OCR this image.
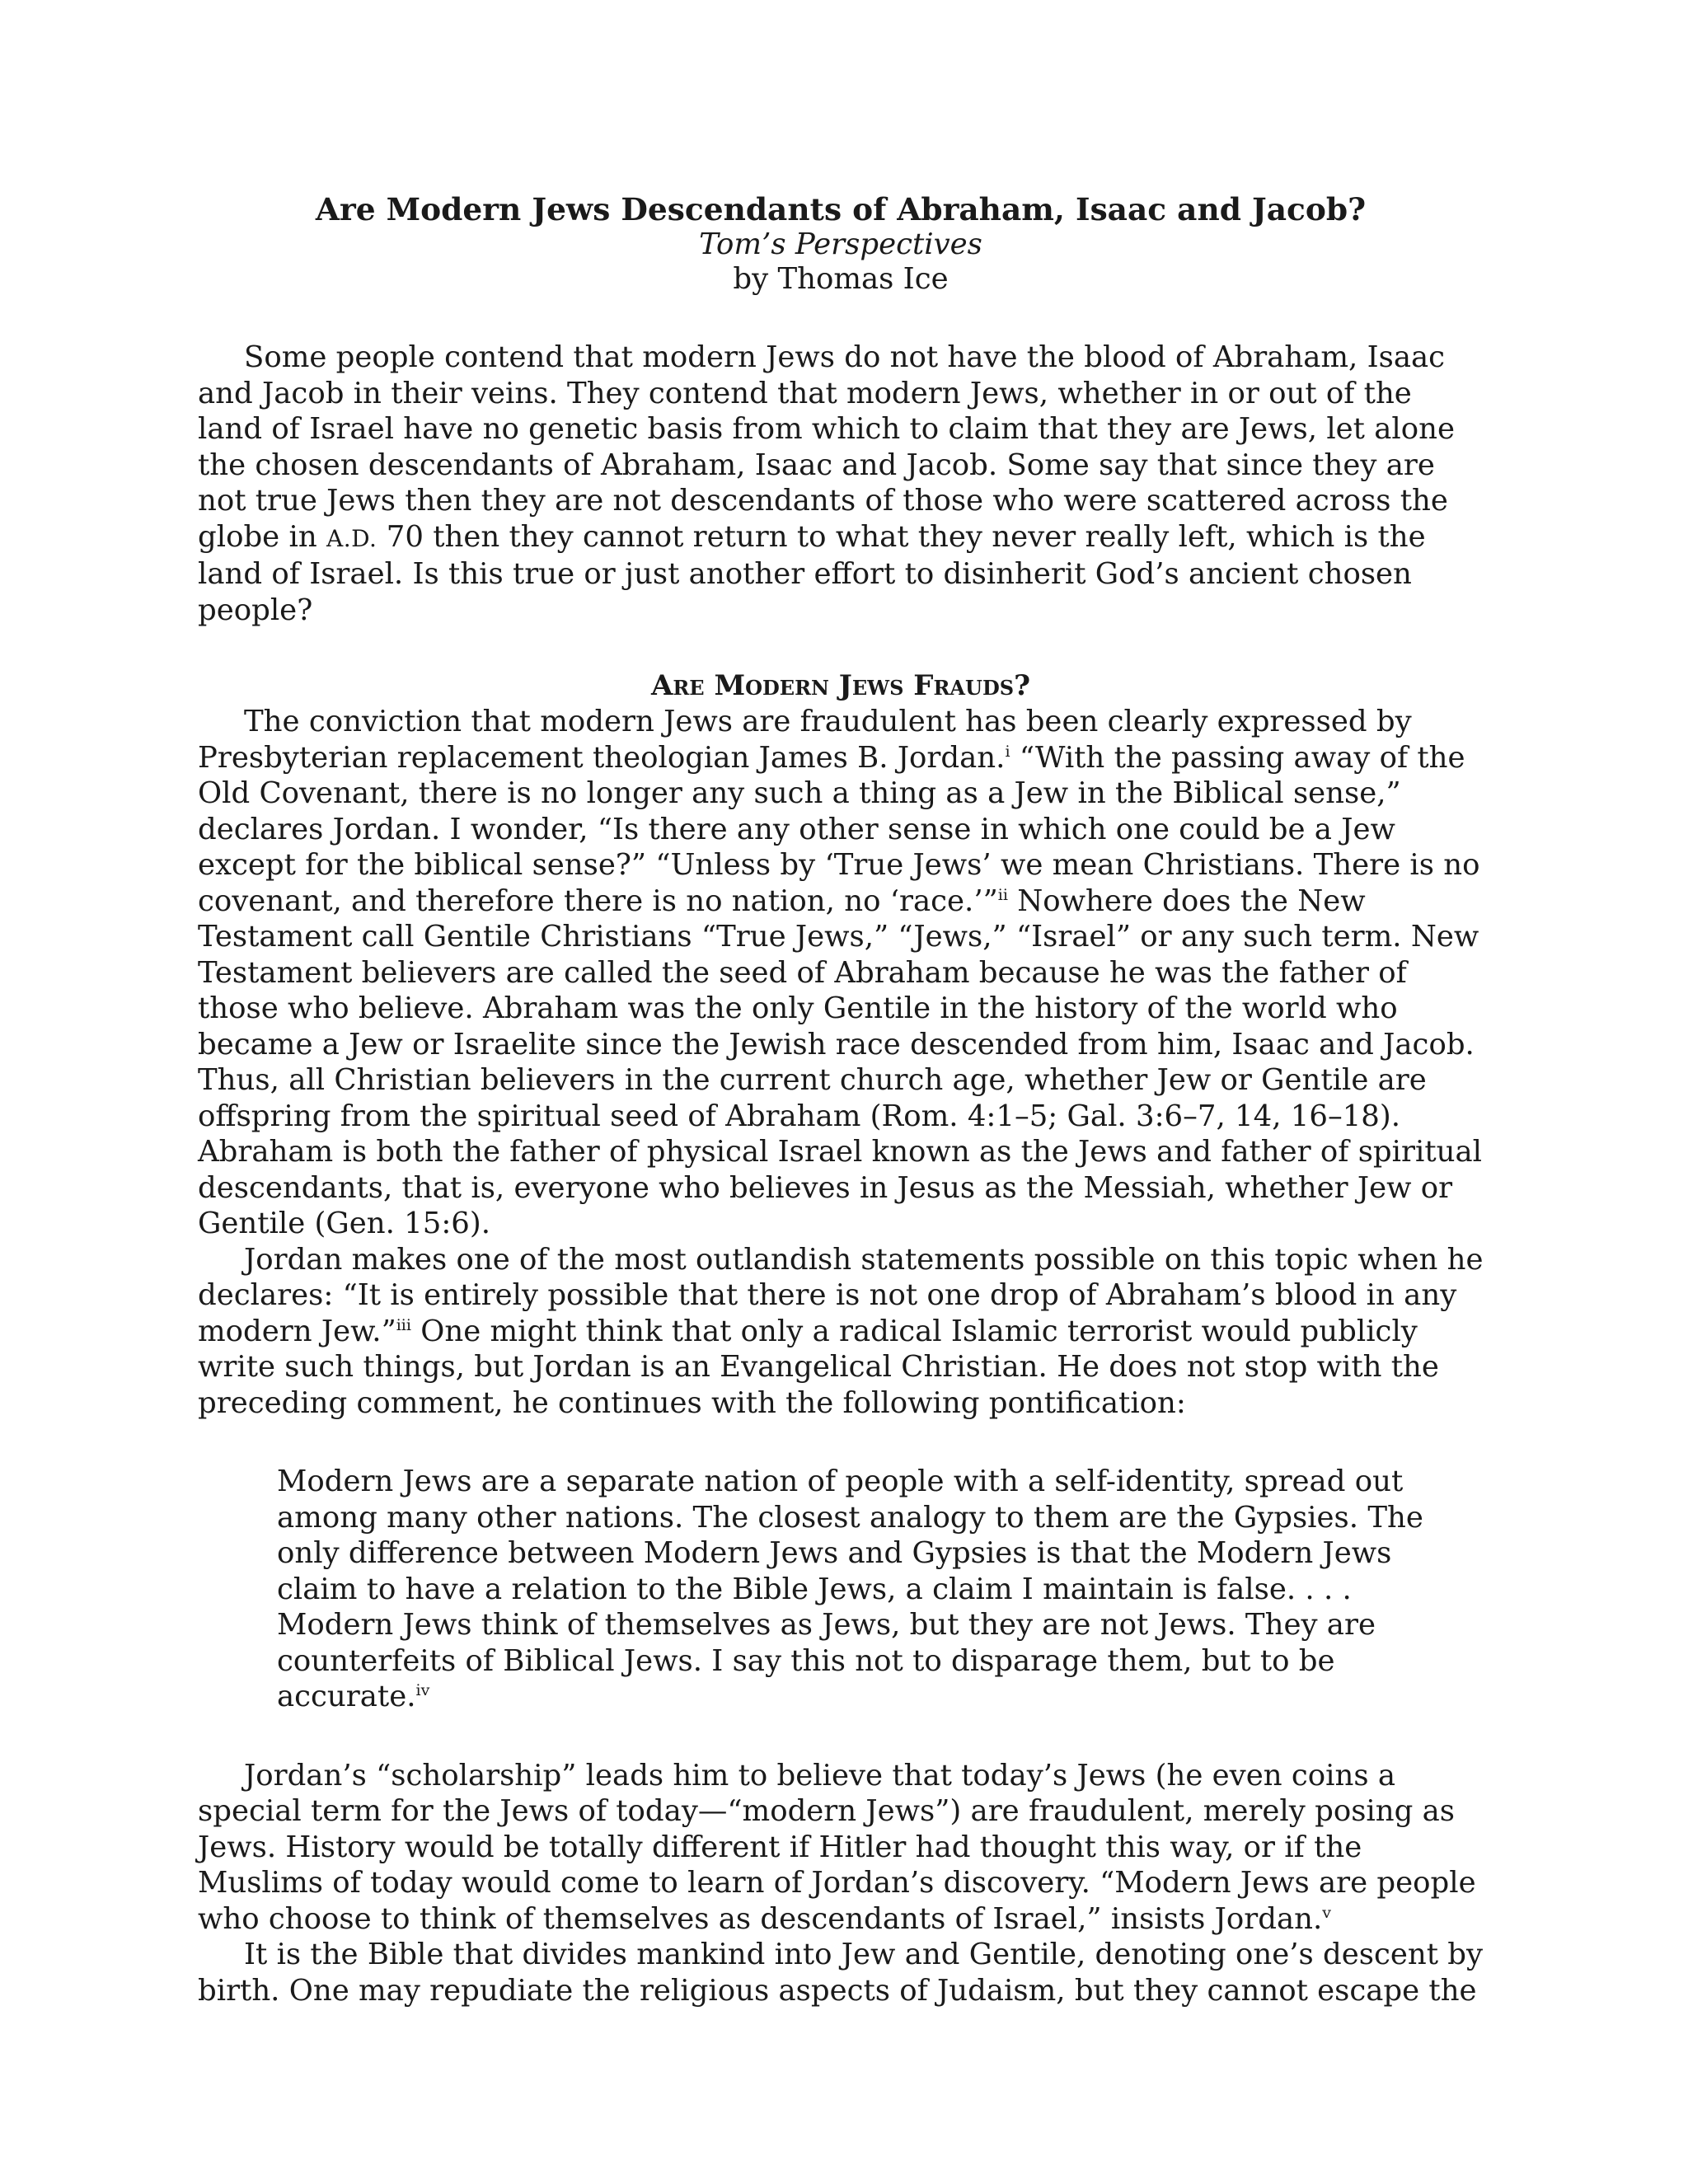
Are Modern Jews Descendants of Abraham, Isaac and Jacob?
Tom’s Perspectives
by Thomas Ice

Some people contend that modern Jews do not have the blood of Abraham, Isaac and Jacob in their veins. They contend that modern Jews, whether in or out of the land of Israel have no genetic basis from which to claim that they are Jews, let alone the chosen descendants of Abraham, Isaac and Jacob. Some say that since they are not true Jews then they are not descendants of those who were scattered across the globe in A.D. 70 then they cannot return to what they never really left, which is the land of Israel. Is this true or just another effort to disinherit God’s ancient chosen people?

Are Modern Jews Frauds?

The conviction that modern Jews are fraudulent has been clearly expressed by Presbyterian replacement theologian James B. Jordan.$^i$ “With the passing away of the Old Covenant, there is no longer any such a thing as a Jew in the Biblical sense,” declares Jordan. I wonder, “Is there any other sense in which one could be a Jew except for the biblical sense?” “Unless by ‘True Jews’ we mean Christians. There is no covenant, and therefore there is no nation, no ‘race.’”$^{ii}$ Nowhere does the New Testament call Gentile Christians “True Jews,” “Jews,” “Israel” or any such term. New Testament believers are called the seed of Abraham because he was the father of those who believe. Abraham was the only Gentile in the history of the world who became a Jew or Israelite since the Jewish race descended from him, Isaac and Jacob. Thus, all Christian believers in the current church age, whether Jew or Gentile are offspring from the spiritual seed of Abraham (Rom. 4:1–5; Gal. 3:6–7, 14, 16–18). Abraham is both the father of physical Israel known as the Jews and father of spiritual descendants, that is, everyone who believes in Jesus as the Messiah, whether Jew or Gentile (Gen. 15:6).

Jordan makes one of the most outlandish statements possible on this topic when he declares: “It is entirely possible that there is not one drop of Abraham’s blood in any modern Jew.”$^{iii}$ One might think that only a radical Islamic terrorist would publicly write such things, but Jordan is an Evangelical Christian. He does not stop with the preceding comment, he continues with the following pontification:

Modern Jews are a separate nation of people with a self-identity, spread out among many other nations. The closest analogy to them are the Gypsies. The only difference between Modern Jews and Gypsies is that the Modern Jews claim to have a relation to the Bible Jews, a claim I maintain is false. . . . Modern Jews think of themselves as Jews, but they are not Jews. They are counterfeits of Biblical Jews. I say this not to disparage them, but to be accurate.$^{iv}$

Jordan’s “scholarship” leads him to believe that today’s Jews (he even coins a special term for the Jews of today—“modern Jews”) are fraudulent, merely posing as Jews. History would be totally different if Hitler had thought this way, or if the Muslims of today would come to learn of Jordan’s discovery. “Modern Jews are people who choose to think of themselves as descendants of Israel,” insists Jordan.$^v$

It is the Bible that divides mankind into Jew and Gentile, denoting one’s descent by birth. One may repudiate the religious aspects of Judaism, but they cannot escape the
